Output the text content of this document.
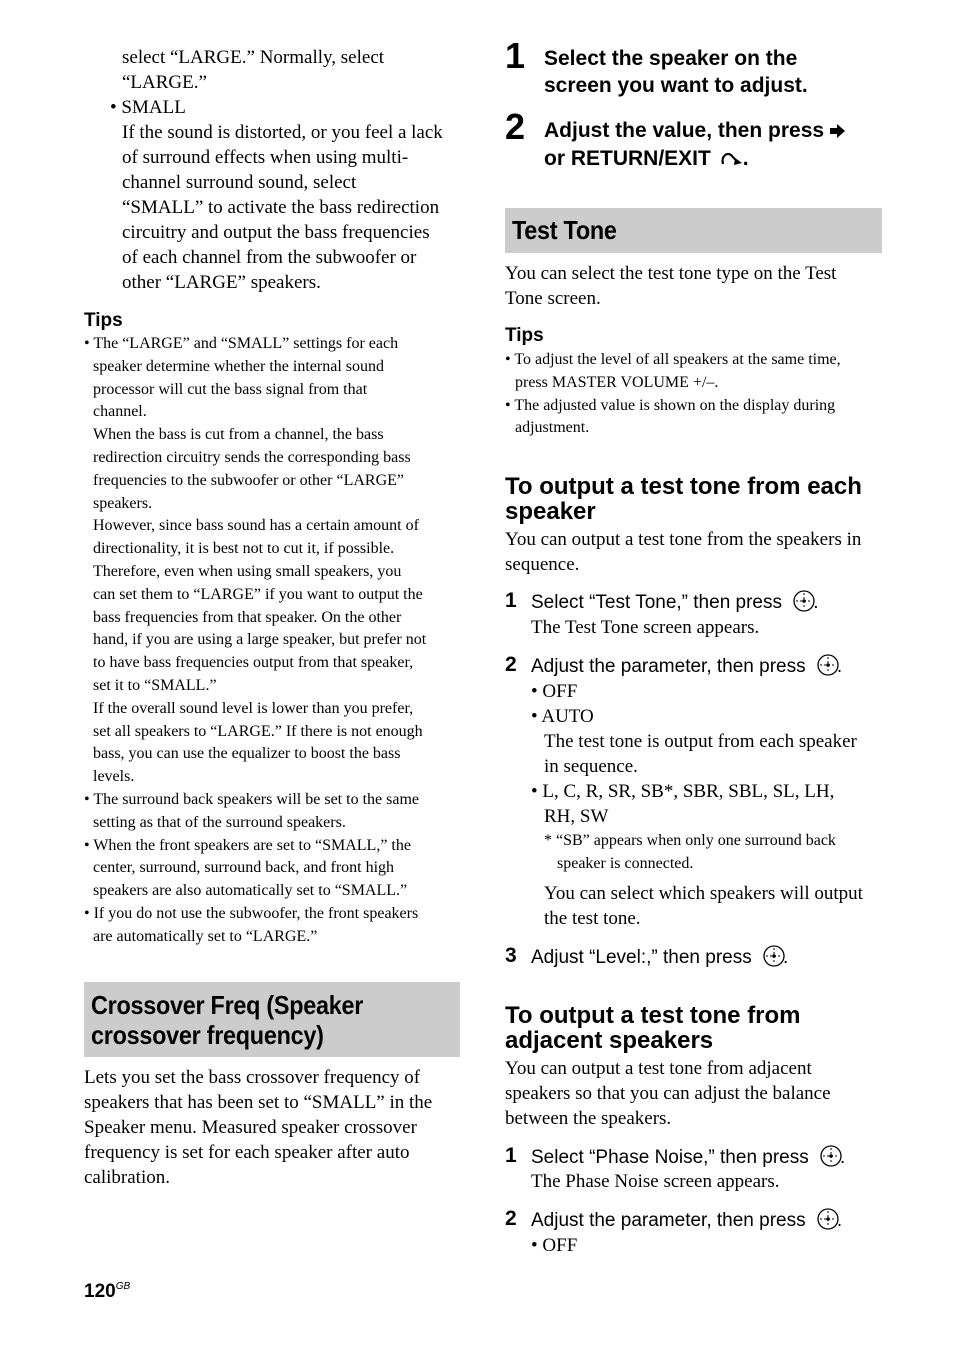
select “LARGE.” Normally, select
“LARGE.”
• SMALL
If the sound is distorted, or you feel a lack
of surround effects when using multi-
channel surround sound, select
“SMALL” to activate the bass redirection
circuitry and output the bass frequencies
of each channel from the subwoofer or
other “LARGE” speakers.
Tips
• The “LARGE” and “SMALL” settings for each
speaker determine whether the internal sound
processor will cut the bass signal from that
channel.
When the bass is cut from a channel, the bass
redirection circuitry sends the corresponding bass
frequencies to the subwoofer or other “LARGE”
speakers.
However, since bass sound has a certain amount of
directionality, it is best not to cut it, if possible.
Therefore, even when using small speakers, you
can set them to “LARGE” if you want to output the
bass frequencies from that speaker. On the other
hand, if you are using a large speaker, but prefer not
to have bass frequencies output from that speaker,
set it to “SMALL.”
If the overall sound level is lower than you prefer,
set all speakers to “LARGE.” If there is not enough
bass, you can use the equalizer to boost the bass
levels.
• The surround back speakers will be set to the same
setting as that of the surround speakers.
• When the front speakers are set to “SMALL,” the
center, surround, surround back, and front high
speakers are also automatically set to “SMALL.”
• If you do not use the subwoofer, the front speakers
are automatically set to “LARGE.”
Crossover Freq (Speaker
crossover frequency)
Lets you set the bass crossover frequency of
speakers that has been set to “SMALL” in the
Speaker menu. Measured speaker crossover
frequency is set for each speaker after auto
calibration.
$120^{GB}$
1 Select the speaker on the
screen you want to adjust.
2 Adjust the value, then press
or RETURN/EXIT .
Test Tone
You can select the test tone type on the Test
Tone screen.
Tips
• To adjust the level of all speakers at the same time,
press MASTER VOLUME +/–.
• The adjusted value is shown on the display during
adjustment.
To output a test tone from each
speaker
You can output a test tone from the speakers in
sequence.
1 Select “Test Tone,” then press .
The Test Tone screen appears.
2 Adjust the parameter, then press .
• OFF
• AUTO
The test tone is output from each speaker
in sequence.
• L, C, R, SR, SB*, SBR, SBL, SL, LH,
RH, SW
* “SB” appears when only one surround back
speaker is connected.
You can select which speakers will output
the test tone.
3 Adjust “Level:,” then press .
To output a test tone from
adjacent speakers
You can output a test tone from adjacent
speakers so that you can adjust the balance
between the speakers.
1 Select “Phase Noise,” then press .
The Phase Noise screen appears.
2 Adjust the parameter, then press .
• OFF
